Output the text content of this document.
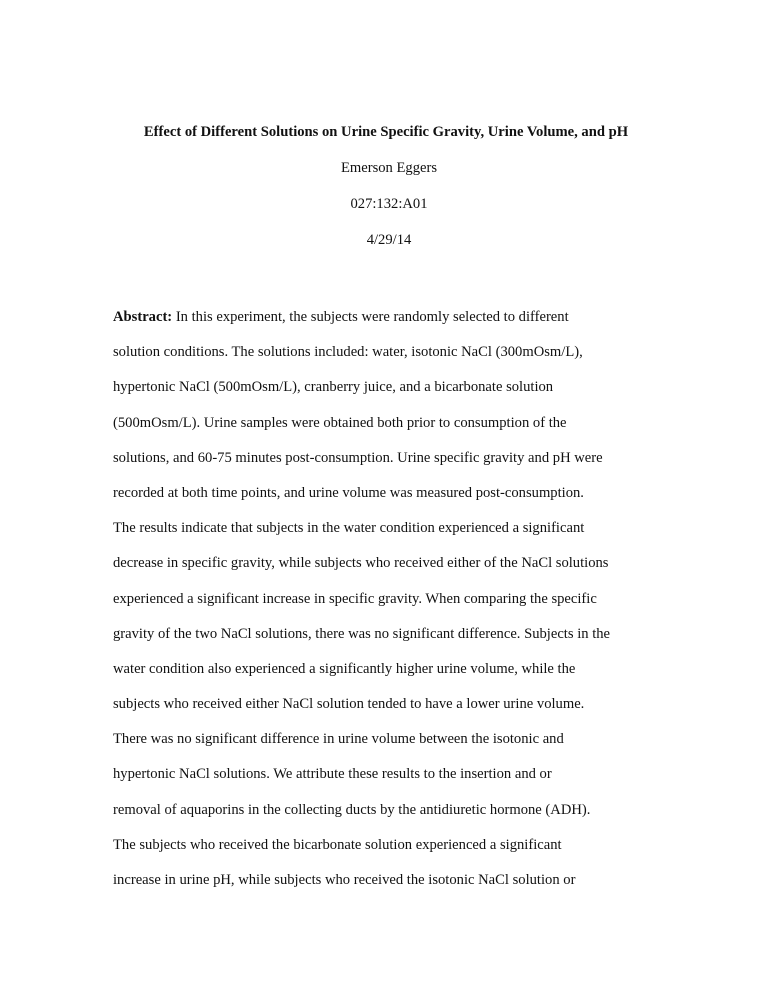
Effect of Different Solutions on Urine Specific Gravity, Urine Volume, and pH
Emerson Eggers
027:132:A01
4/29/14
Abstract: In this experiment, the subjects were randomly selected to different
solution conditions. The solutions included: water, isotonic NaCl (300mOsm/L),
hypertonic NaCl (500mOsm/L), cranberry juice, and a bicarbonate solution
(500mOsm/L). Urine samples were obtained both prior to consumption of the
solutions, and 60-75 minutes post-consumption. Urine specific gravity and pH were
recorded at both time points, and urine volume was measured post-consumption.
The results indicate that subjects in the water condition experienced a significant
decrease in specific gravity, while subjects who received either of the NaCl solutions
experienced a significant increase in specific gravity. When comparing the specific
gravity of the two NaCl solutions, there was no significant difference. Subjects in the
water condition also experienced a significantly higher urine volume, while the
subjects who received either NaCl solution tended to have a lower urine volume.
There was no significant difference in urine volume between the isotonic and
hypertonic NaCl solutions. We attribute these results to the insertion and or
removal of aquaporins in the collecting ducts by the antidiuretic hormone (ADH).
The subjects who received the bicarbonate solution experienced a significant
increase in urine pH, while subjects who received the isotonic NaCl solution or
